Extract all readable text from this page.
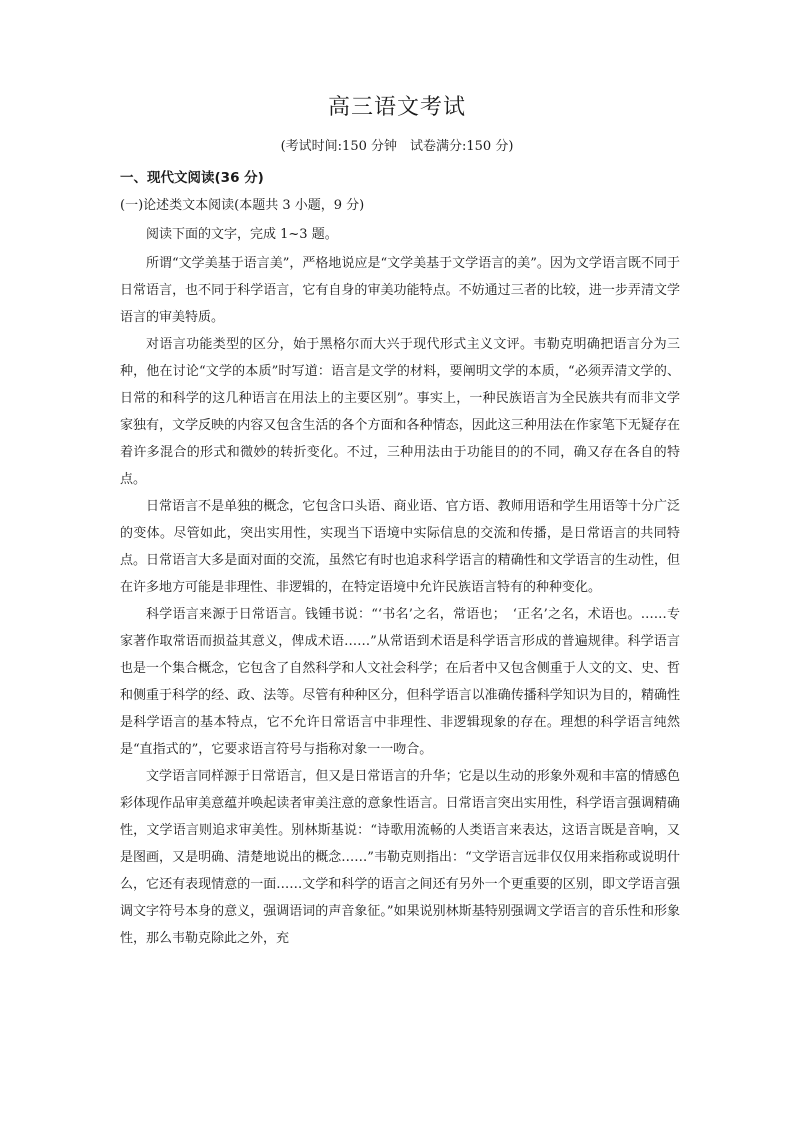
高三语文考试
(考试时间:150 分钟　试卷满分:150 分)
一、现代文阅读(36 分)
(一)论述类文本阅读(本题共 3 小题，9 分)
阅读下面的文字，完成 1~3 题。

所谓“文学美基于语言美”，严格地说应是“文学美基于文学语言的美”。因为文学语言既不同于日常语言，也不同于科学语言，它有自身的审美功能特点。不妨通过三者的比较，进一步弄清文学语言的审美特质。

对语言功能类型的区分，始于黑格尔而大兴于现代形式主义文评。韦勒克明确把语言分为三种，他在讨论“文学的本质”时写道：语言是文学的材料，要阐明文学的本质，“必须弄清文学的、日常的和科学的这几种语言在用法上的主要区别”。事实上，一种民族语言为全民族共有而非文学家独有，文学反映的内容又包含生活的各个方面和各种情态，因此这三种用法在作家笔下无疑存在着许多混合的形式和微妙的转折变化。不过，三种用法由于功能目的的不同，确又存在各自的特点。

日常语言不是单独的概念，它包含口头语、商业语、官方语、教师用语和学生用语等十分广泛的变体。尽管如此，突出实用性，实现当下语境中实际信息的交流和传播，是日常语言的共同特点。日常语言大多是面对面的交流，虽然它有时也追求科学语言的精确性和文学语言的生动性，但在许多地方可能是非理性、非逻辑的，在特定语境中允许民族语言特有的种种变化。

科学语言来源于日常语言。钱锺书说：“‘书名’之名，常语也；　‘正名’之名，术语也。……专家著作取常语而损益其意义，俾成术语……”从常语到术语是科学语言形成的普遍规律。科学语言也是一个集合概念，它包含了自然科学和人文社会科学；在后者中又包含侧重于人文的文、史、哲和侧重于科学的经、政、法等。尽管有种种区分，但科学语言以准确传播科学知识为目的，精确性是科学语言的基本特点，它不允许日常语言中非理性、非逻辑现象的存在。理想的科学语言纯然是“直指式的”，它要求语言符号与指称对象一一吻合。

文学语言同样源于日常语言，但又是日常语言的升华；它是以生动的形象外观和丰富的情感色彩体现作品审美意蕴并唤起读者审美注意的意象性语言。日常语言突出实用性，科学语言强调精确性，文学语言则追求审美性。别林斯基说：“诗歌用流畅的人类语言来表达，这语言既是音响，又是图画，又是明确、清楚地说出的概念……”韦勒克则指出：“文学语言远非仅仅用来指称或说明什么，它还有表现情意的一面……文学和科学的语言之间还有另外一个更重要的区别，即文学语言强调文字符号本身的意义，强调语词的声音象征。”如果说别林斯基特别强调文学语言的音乐性和形象性，那么韦勒克除此之外，充
